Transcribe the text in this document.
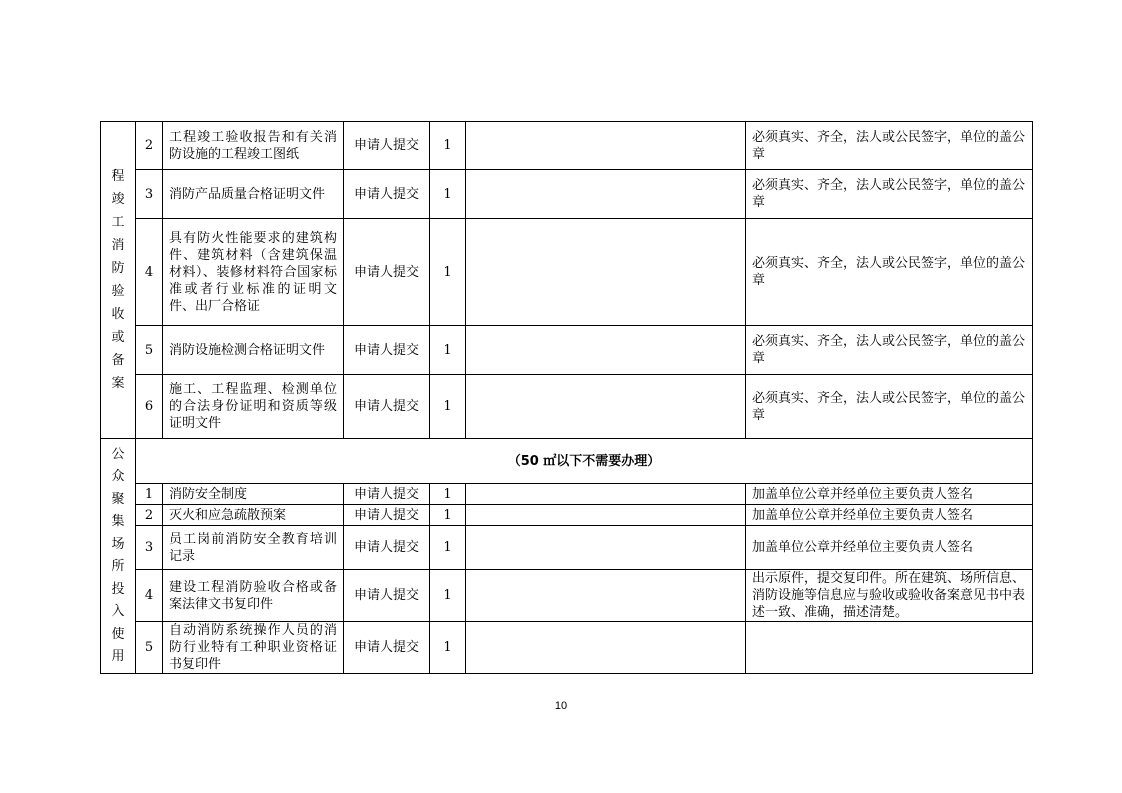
程竣工消防验收或备案	2	工程竣工验收报告和有关消防设施的工程竣工图纸	申请人提交	1		必须真实、齐全，法人或公民签字，单位的盖公章
	3	消防产品质量合格证明文件	申请人提交	1		必须真实、齐全，法人或公民签字，单位的盖公章
	4	具有防火性能要求的建筑构件、建筑材料（含建筑保温材料）、装修材料符合国家标准或者行业标准的证明文件、出厂合格证	申请人提交	1		必须真实、齐全，法人或公民签字，单位的盖公章
	5	消防设施检测合格证明文件	申请人提交	1		必须真实、齐全，法人或公民签字，单位的盖公章
	6	施工、工程监理、检测单位的合法身份证明和资质等级证明文件	申请人提交	1		必须真实、齐全，法人或公民签字，单位的盖公章

公众聚集场所投入使用	（50 ㎡以下不需要办理）					
	1	消防安全制度	申请人提交	1		加盖单位公章并经单位主要负责人签名
	2	灭火和应急疏散预案	申请人提交	1		加盖单位公章并经单位主要负责人签名
	3	员工岗前消防安全教育培训记录	申请人提交	1		加盖单位公章并经单位主要负责人签名
	4	建设工程消防验收合格或备案法律文书复印件	申请人提交	1		出示原件，提交复印件。所在建筑、场所信息、消防设施等信息应与验收或验收备案意见书中表述一致、准确，描述清楚。
	5	自动消防系统操作人员的消防行业特有工种职业资格证书复印件	申请人提交	1		
10
